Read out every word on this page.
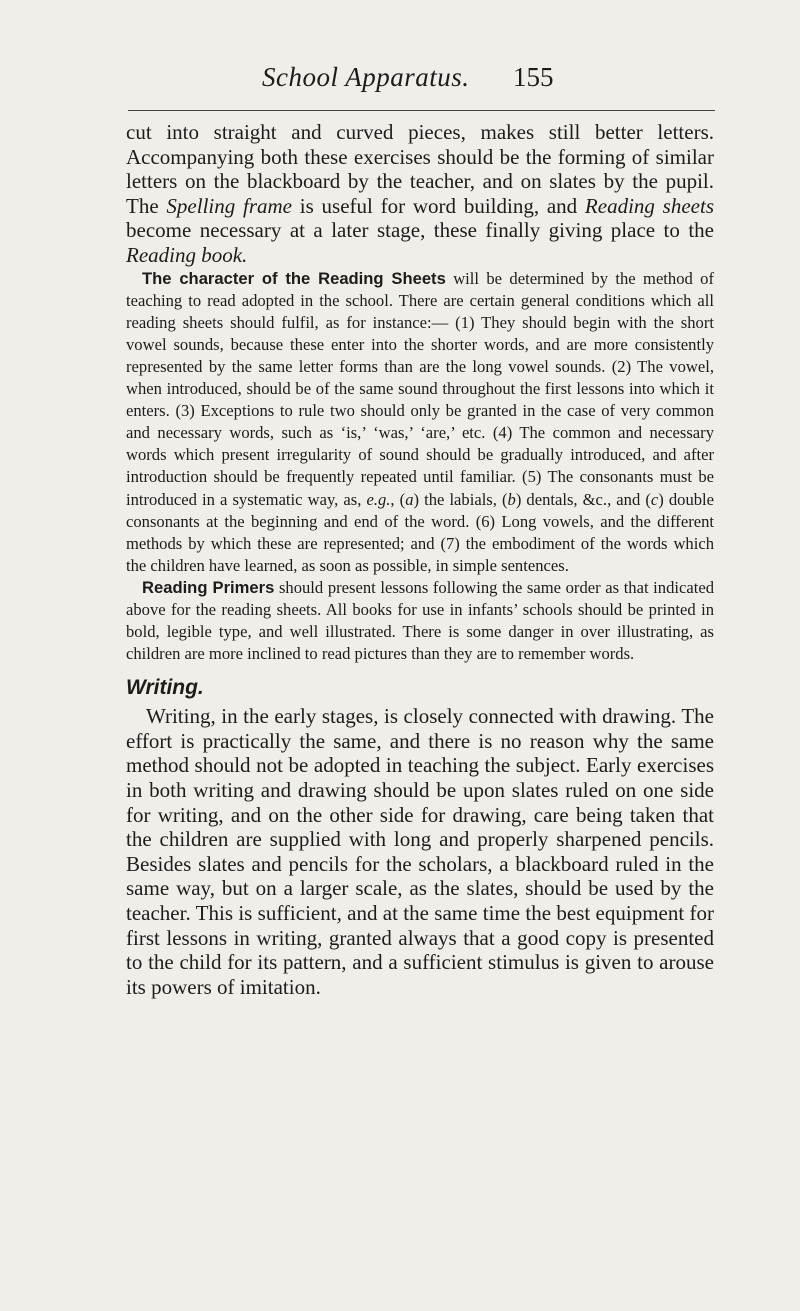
School Apparatus. 155

cut into straight and curved pieces, makes still better letters. Accompanying both these exercises should be the forming of similar letters on the blackboard by the teacher, and on slates by the pupil. The Spelling frame is useful for word building, and Reading sheets become necessary at a later stage, these finally giving place to the Reading book.

The character of the Reading Sheets will be determined by the method of teaching to read adopted in the school. There are certain general conditions which all reading sheets should fulfil, as for instance:— (1) They should begin with the short vowel sounds, because these enter into the shorter words, and are more consistently represented by the same letter forms than are the long vowel sounds. (2) The vowel, when introduced, should be of the same sound throughout the first lessons into which it enters. (3) Exceptions to rule two should only be granted in the case of very common and necessary words, such as ‘is,’ ‘was,’ ‘are,’ etc. (4) The common and necessary words which present irregularity of sound should be gradually introduced, and after introduction should be frequently repeated until familiar. (5) The consonants must be introduced in a systematic way, as, e.g., (a) the labials, (b) dentals, &c., and (c) double consonants at the beginning and end of the word. (6) Long vowels, and the different methods by which these are represented; and (7) the embodiment of the words which the children have learned, as soon as possible, in simple sentences.

Reading Primers should present lessons following the same order as that indicated above for the reading sheets. All books for use in infants’ schools should be printed in bold, legible type, and well illustrated. There is some danger in over illustrating, as children are more inclined to read pictures than they are to remember words.

Writing.

Writing, in the early stages, is closely connected with drawing. The effort is practically the same, and there is no reason why the same method should not be adopted in teaching the subject. Early exercises in both writing and drawing should be upon slates ruled on one side for writing, and on the other side for drawing, care being taken that the children are supplied with long and properly sharpened pencils. Besides slates and pencils for the scholars, a blackboard ruled in the same way, but on a larger scale, as the slates, should be used by the teacher. This is sufficient, and at the same time the best equipment for first lessons in writing, granted always that a good copy is presented to the child for its pattern, and a sufficient stimulus is given to arouse its powers of imitation.
